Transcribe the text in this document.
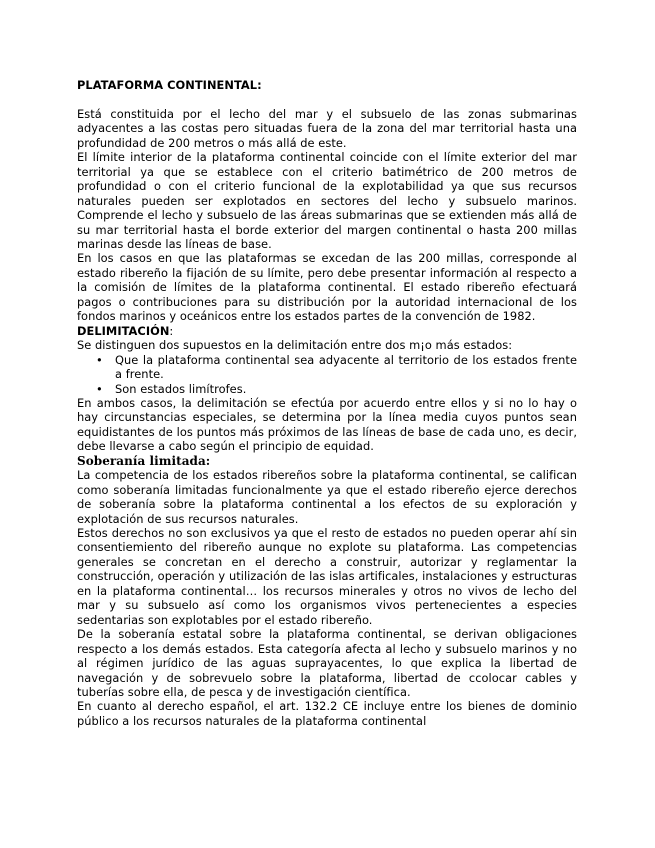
PLATAFORMA CONTINENTAL:

Está constituida por el lecho del mar y el subsuelo de las zonas submarinas adyacentes a las costas pero situadas fuera de la zona del mar territorial hasta una profundidad de 200 metros o más allá de este.

El límite interior de la plataforma continental coincide con el límite exterior del mar territorial ya que se establece con el criterio batimétrico de 200 metros de profundidad o con el criterio funcional de la explotabilidad ya que sus recursos naturales pueden ser explotados en sectores del lecho y subsuelo marinos. Comprende el lecho y subsuelo de las áreas submarinas que se extienden más allá de su mar territorial hasta el borde exterior del margen continental o hasta 200 millas marinas desde las líneas de base.

En los casos en que las plataformas se excedan de las 200 millas, corresponde al estado ribereño la fijación de su límite, pero debe presentar información al respecto a la comisión de límites de la plataforma continental. El estado ribereño efectuará pagos o contribuciones para su distribución por la autoridad internacional de los fondos marinos y oceánicos entre los estados partes de la convención de 1982.

DELIMITACIÓN:

Se distinguen dos supuestos en la delimitación entre dos m¡o más estados:

• Que la plataforma continental sea adyacente al territorio de los estados frente a frente.
• Son estados limítrofes.

En ambos casos, la delimitación se efectúa por acuerdo entre ellos y si no lo hay o hay circunstancias especiales, se determina por la línea media cuyos puntos sean equidistantes de los puntos más próximos de las líneas de base de cada uno, es decir, debe llevarse a cabo según el principio de equidad.

Soberanía limitada:

La competencia de los estados ribereños sobre la plataforma continental, se califican como soberanía limitadas funcionalmente ya que el estado ribereño ejerce derechos de soberanía sobre la plataforma continental a los efectos de su exploración y explotación de sus recursos naturales.

Estos derechos no son exclusivos ya que el resto de estados no pueden operar ahí sin consentiemiento del ribereño aunque no explote su plataforma. Las competencias generales se concretan en el derecho a construir, autorizar y reglamentar la construcción, operación y utilización de las islas artificales, instalaciones y estructuras en la plataforma continental… los recursos minerales y otros no vivos de lecho del mar y su subsuelo así como los organismos vivos pertenecientes a especies sedentarias son explotables por el estado ribereño.

De la soberanía estatal sobre la plataforma continental, se derivan obligaciones respecto a los demás estados. Esta categoría afecta al lecho y subsuelo marinos y no al régimen jurídico de las aguas suprayacentes, lo que explica la libertad de navegación y de sobrevuelo sobre la plataforma, libertad de ccolocar cables y tuberías sobre ella, de pesca y de investigación científica.

En cuanto al derecho español, el art. 132.2 CE incluye entre los bienes de dominio público a los recursos naturales de la plataforma continental
